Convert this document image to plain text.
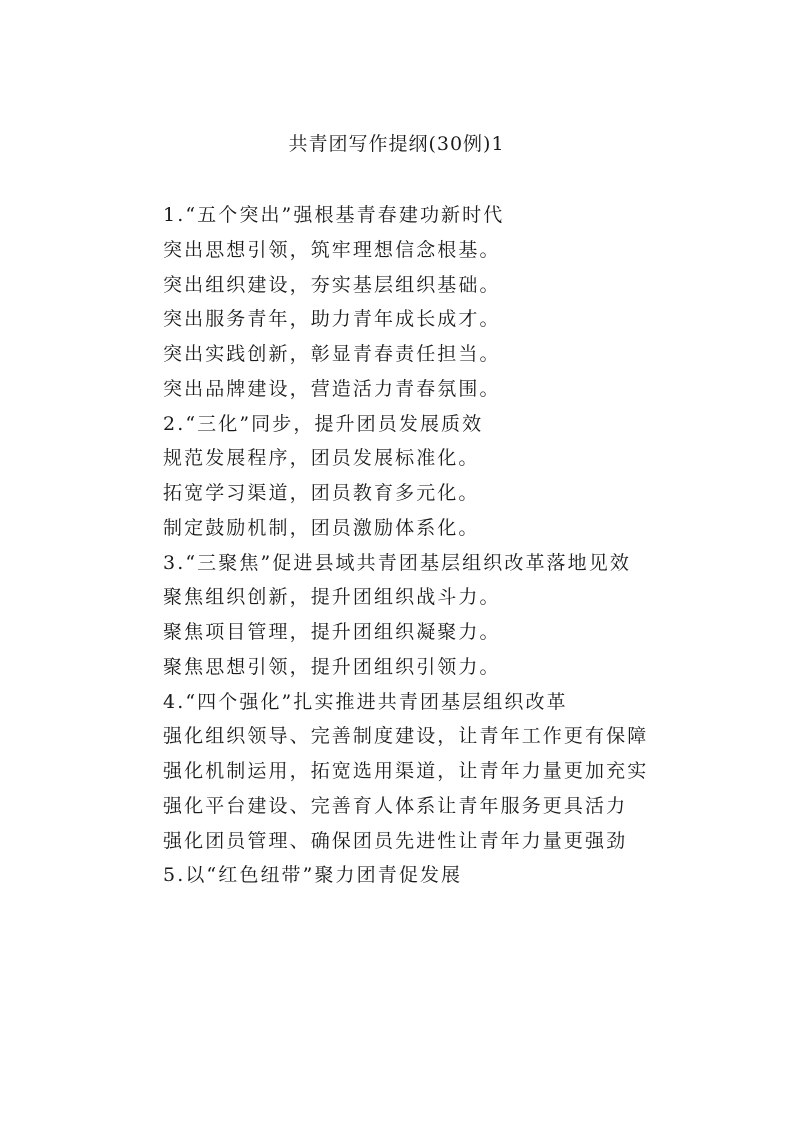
共青团写作提纲(30例)1
1.“五个突出”强根基青春建功新时代
突出思想引领，筑牢理想信念根基。
突出组织建设，夯实基层组织基础。
突出服务青年，助力青年成长成才。
突出实践创新，彰显青春责任担当。
突出品牌建设，营造活力青春氛围。
2.“三化”同步，提升团员发展质效
规范发展程序，团员发展标准化。
拓宽学习渠道，团员教育多元化。
制定鼓励机制，团员激励体系化。
3.“三聚焦”促进县域共青团基层组织改革落地见效
聚焦组织创新，提升团组织战斗力。
聚焦项目管理，提升团组织凝聚力。
聚焦思想引领，提升团组织引领力。
4.“四个强化”扎实推进共青团基层组织改革
强化组织领导、完善制度建设，让青年工作更有保障
强化机制运用，拓宽选用渠道，让青年力量更加充实
强化平台建设、完善育人体系让青年服务更具活力
强化团员管理、确保团员先进性让青年力量更强劲
5.以“红色纽带”聚力团青促发展
